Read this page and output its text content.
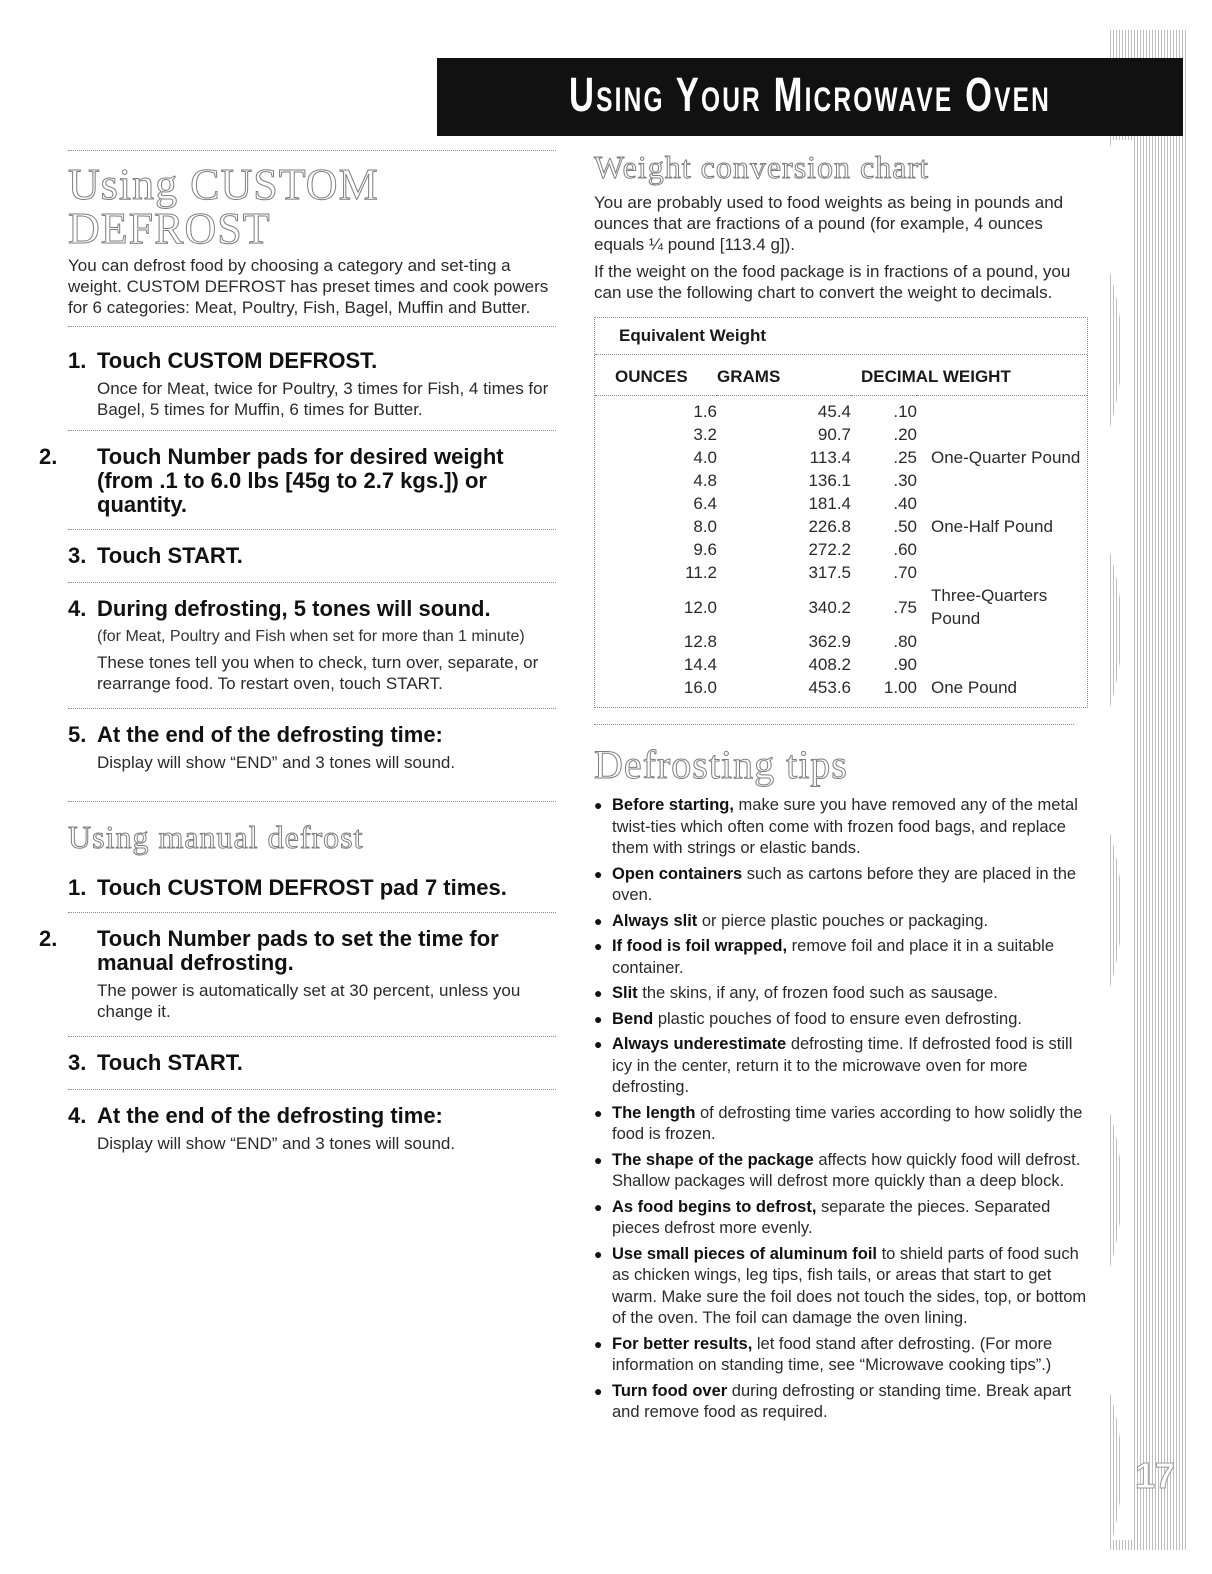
Using Your Microwave Oven
17
Using CUSTOM DEFROST
You can defrost food by choosing a category and set-ting a weight. CUSTOM DEFROST has preset times and cook powers for 6 categories: Meat, Poultry, Fish, Bagel, Muffin and Butter.
1. Touch CUSTOM DEFROST.
Once for Meat, twice for Poultry, 3 times for Fish, 4 times for Bagel, 5 times for Muffin, 6 times for Butter.
2. Touch Number pads for desired weight (from .1 to 6.0 lbs [45g to 2.7 kgs.]) or quantity.
3. Touch START.
4. During defrosting, 5 tones will sound.
(for Meat, Poultry and Fish when set for more than 1 minute)
These tones tell you when to check, turn over, separate, or rearrange food. To restart oven, touch START.
5. At the end of the defrosting time:
Display will show “END” and 3 tones will sound.
Using manual defrost
1. Touch CUSTOM DEFROST pad 7 times.
2. Touch Number pads to set the time for manual defrosting.
The power is automatically set at 30 percent, unless you change it.
3. Touch START.
4. At the end of the defrosting time:
Display will show “END” and 3 tones will sound.
Weight conversion chart
You are probably used to food weights as being in pounds and ounces that are fractions of a pound (for example, 4 ounces equals ¼ pound [113.4 g]).
If the weight on the food package is in fractions of a pound, you can use the following chart to convert the weight to decimals.
Equivalent Weight
OUNCES	GRAMS	DECIMAL WEIGHT	
1.6	45.4	.10	
3.2	90.7	.20	
4.0	113.4	.25	One-Quarter Pound
4.8	136.1	.30	
6.4	181.4	.40	
8.0	226.8	.50	One-Half Pound
9.6	272.2	.60	
11.2	317.5	.70	
12.0	340.2	.75	Three-Quarters Pound
12.8	362.9	.80	
14.4	408.2	.90	
16.0	453.6	1.00	One Pound
Defrosting tips
● Before starting, make sure you have removed any of the metal twist-ties which often come with frozen food bags, and replace them with strings or elastic bands.
● Open containers such as cartons before they are placed in the oven.
● Always slit or pierce plastic pouches or packaging.
● If food is foil wrapped, remove foil and place it in a suitable container.
● Slit the skins, if any, of frozen food such as sausage.
● Bend plastic pouches of food to ensure even defrosting.
● Always underestimate defrosting time. If defrosted food is still icy in the center, return it to the microwave oven for more defrosting.
● The length of defrosting time varies according to how solidly the food is frozen.
● The shape of the package affects how quickly food will defrost. Shallow packages will defrost more quickly than a deep block.
● As food begins to defrost, separate the pieces. Separated pieces defrost more evenly.
● Use small pieces of aluminum foil to shield parts of food such as chicken wings, leg tips, fish tails, or areas that start to get warm. Make sure the foil does not touch the sides, top, or bottom of the oven. The foil can damage the oven lining.
● For better results, let food stand after defrosting. (For more information on standing time, see “Microwave cooking tips”.)
● Turn food over during defrosting or standing time. Break apart and remove food as required.
